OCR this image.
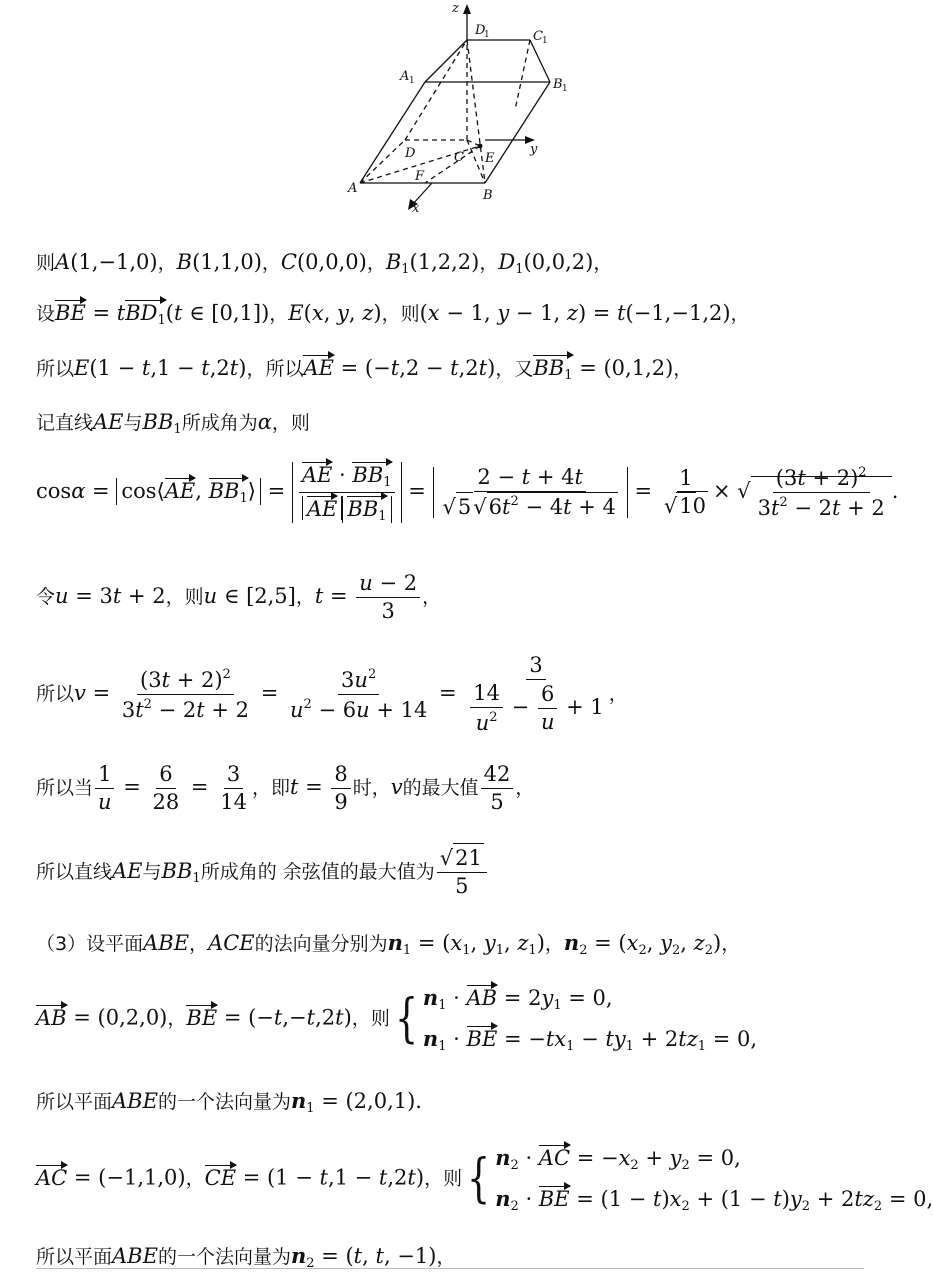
z
y
x
A	B
C
D	E
F
A
B
C
D
1
1
1
1
则A(1,−1,0)，B(1,1,0)，C(0,0,0)，$B_1(1,2,2)$，$D_1(0,0,2)$，
设BE = tBD$_1$(t ∈ [0,1])，E(x, y, z)，则(x − 1, y − 1, z) = t(−1,−1,2)，
所以E(1 − t,1 − t,2t)，所以AE = (−t,2 − t,2t)，又$BB_1 = (0,1,2)$，
记直线AE与$BB_1$所成角为α，则
cosα = cos⟨AE, $BB_1⟩ = \frac{AE \cdot BB_1}{AE BB_1} = \frac{2 - t + 4t}{√5√6t^2 - 4t + 4} = \frac{1}{√10}$ × √ $\frac{(3t + 2)^2}{3t^2 - 2t + 2}$ .
令u = 3t + 2，则u ∈ [2,5]，$t = \frac{u - 2}{3}$ ，
所以$v = \frac{(3t + 2)^2}{3t^2 - 2t + 2} = \frac{3u^2}{u^2 - 6u + 14} = \frac{3}{\frac{14}{u^2} - \frac{6}{u} + 1}$ ，
所以当 $\frac{1}{u} = \frac{6}{28} = \frac{3}{14}$ ，即$t = \frac{8}{9}$ 时，v的最大值 $\frac{42}{5}$ ，
所以直线AE与$BB_1$所成角的 余弦值的最大值为 $\frac{√21}{5}$
（3）设平面ABE，ACE的法向量分别为$n_1 = (x_1$, $y_1$, $z_1$)，$n_2 = (x_2$, $y_2$, $z_2$)，
AB = (0,2,0)，BE = (−t,−t,2t)，则{ $n_1$ · AB = $2y_1 = 0$,
$n_1$ · BE = $-tx_1 - ty_1 + 2tz_1 = 0$,
所以平面ABE的一个法向量为$n_1 = (2,0,1)$.
AC = (−1,1,0)，CE = (1 − t,1 − t,2t)，则{ $n_2$ · AC = $-x_2 + y_2 = 0$,
$n_2$ · BE = $(1 - t)x_2 + (1 - t)y_2 + 2tz_2 = 0$,
所以平面ABE的一个法向量为$n_2 = (t$, t, −1)，
